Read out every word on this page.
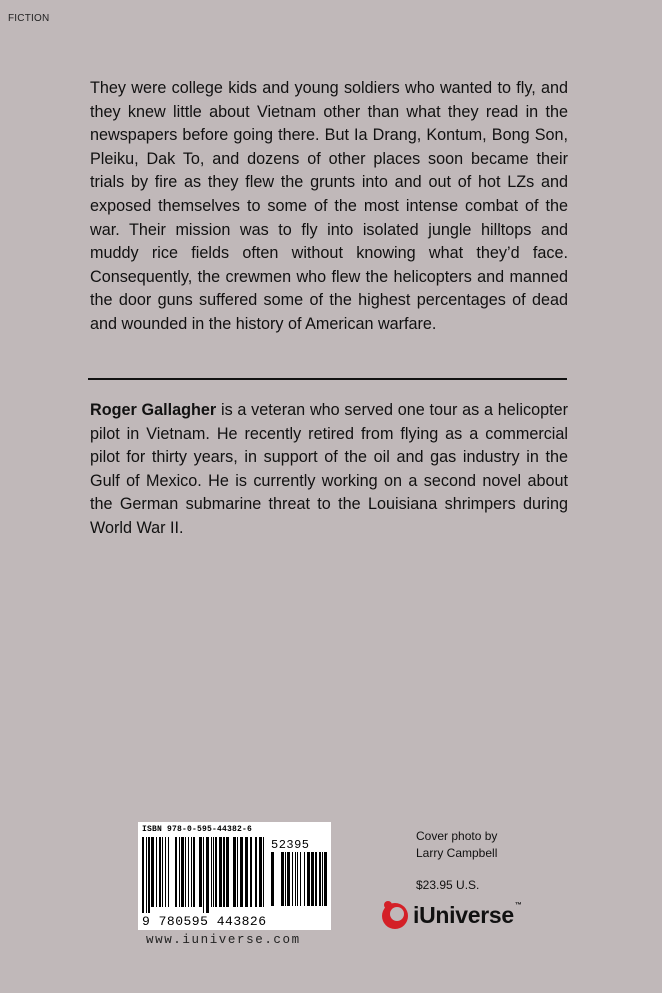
FICTION

They were college kids and young soldiers who wanted to fly, and they knew little about Vietnam other than what they read in the newspapers before going there. But Ia Drang, Kontum, Bong Son, Pleiku, Dak To, and dozens of other places soon became their trials by fire as they flew the grunts into and out of hot LZs and exposed themselves to some of the most intense combat of the war. Their mission was to fly into isolated jungle hilltops and muddy rice fields often without knowing what they’d face. Consequently, the crewmen who flew the helicopters and manned the door guns suffered some of the highest percentages of dead and wounded in the history of American warfare.

Roger Gallagher is a veteran who served one tour as a helicopter pilot in Vietnam. He recently retired from flying as a commercial pilot for thirty years, in support of the oil and gas industry in the Gulf of Mexico. He is currently working on a second novel about the German submarine threat to the Louisiana shrimpers during World War II.

ISBN 978-0-595-44382-6
52395
9 780595 443826
www.iuniverse.com
Cover photo by
Larry Campbell
$23.95 U.S.
iUniverse™
